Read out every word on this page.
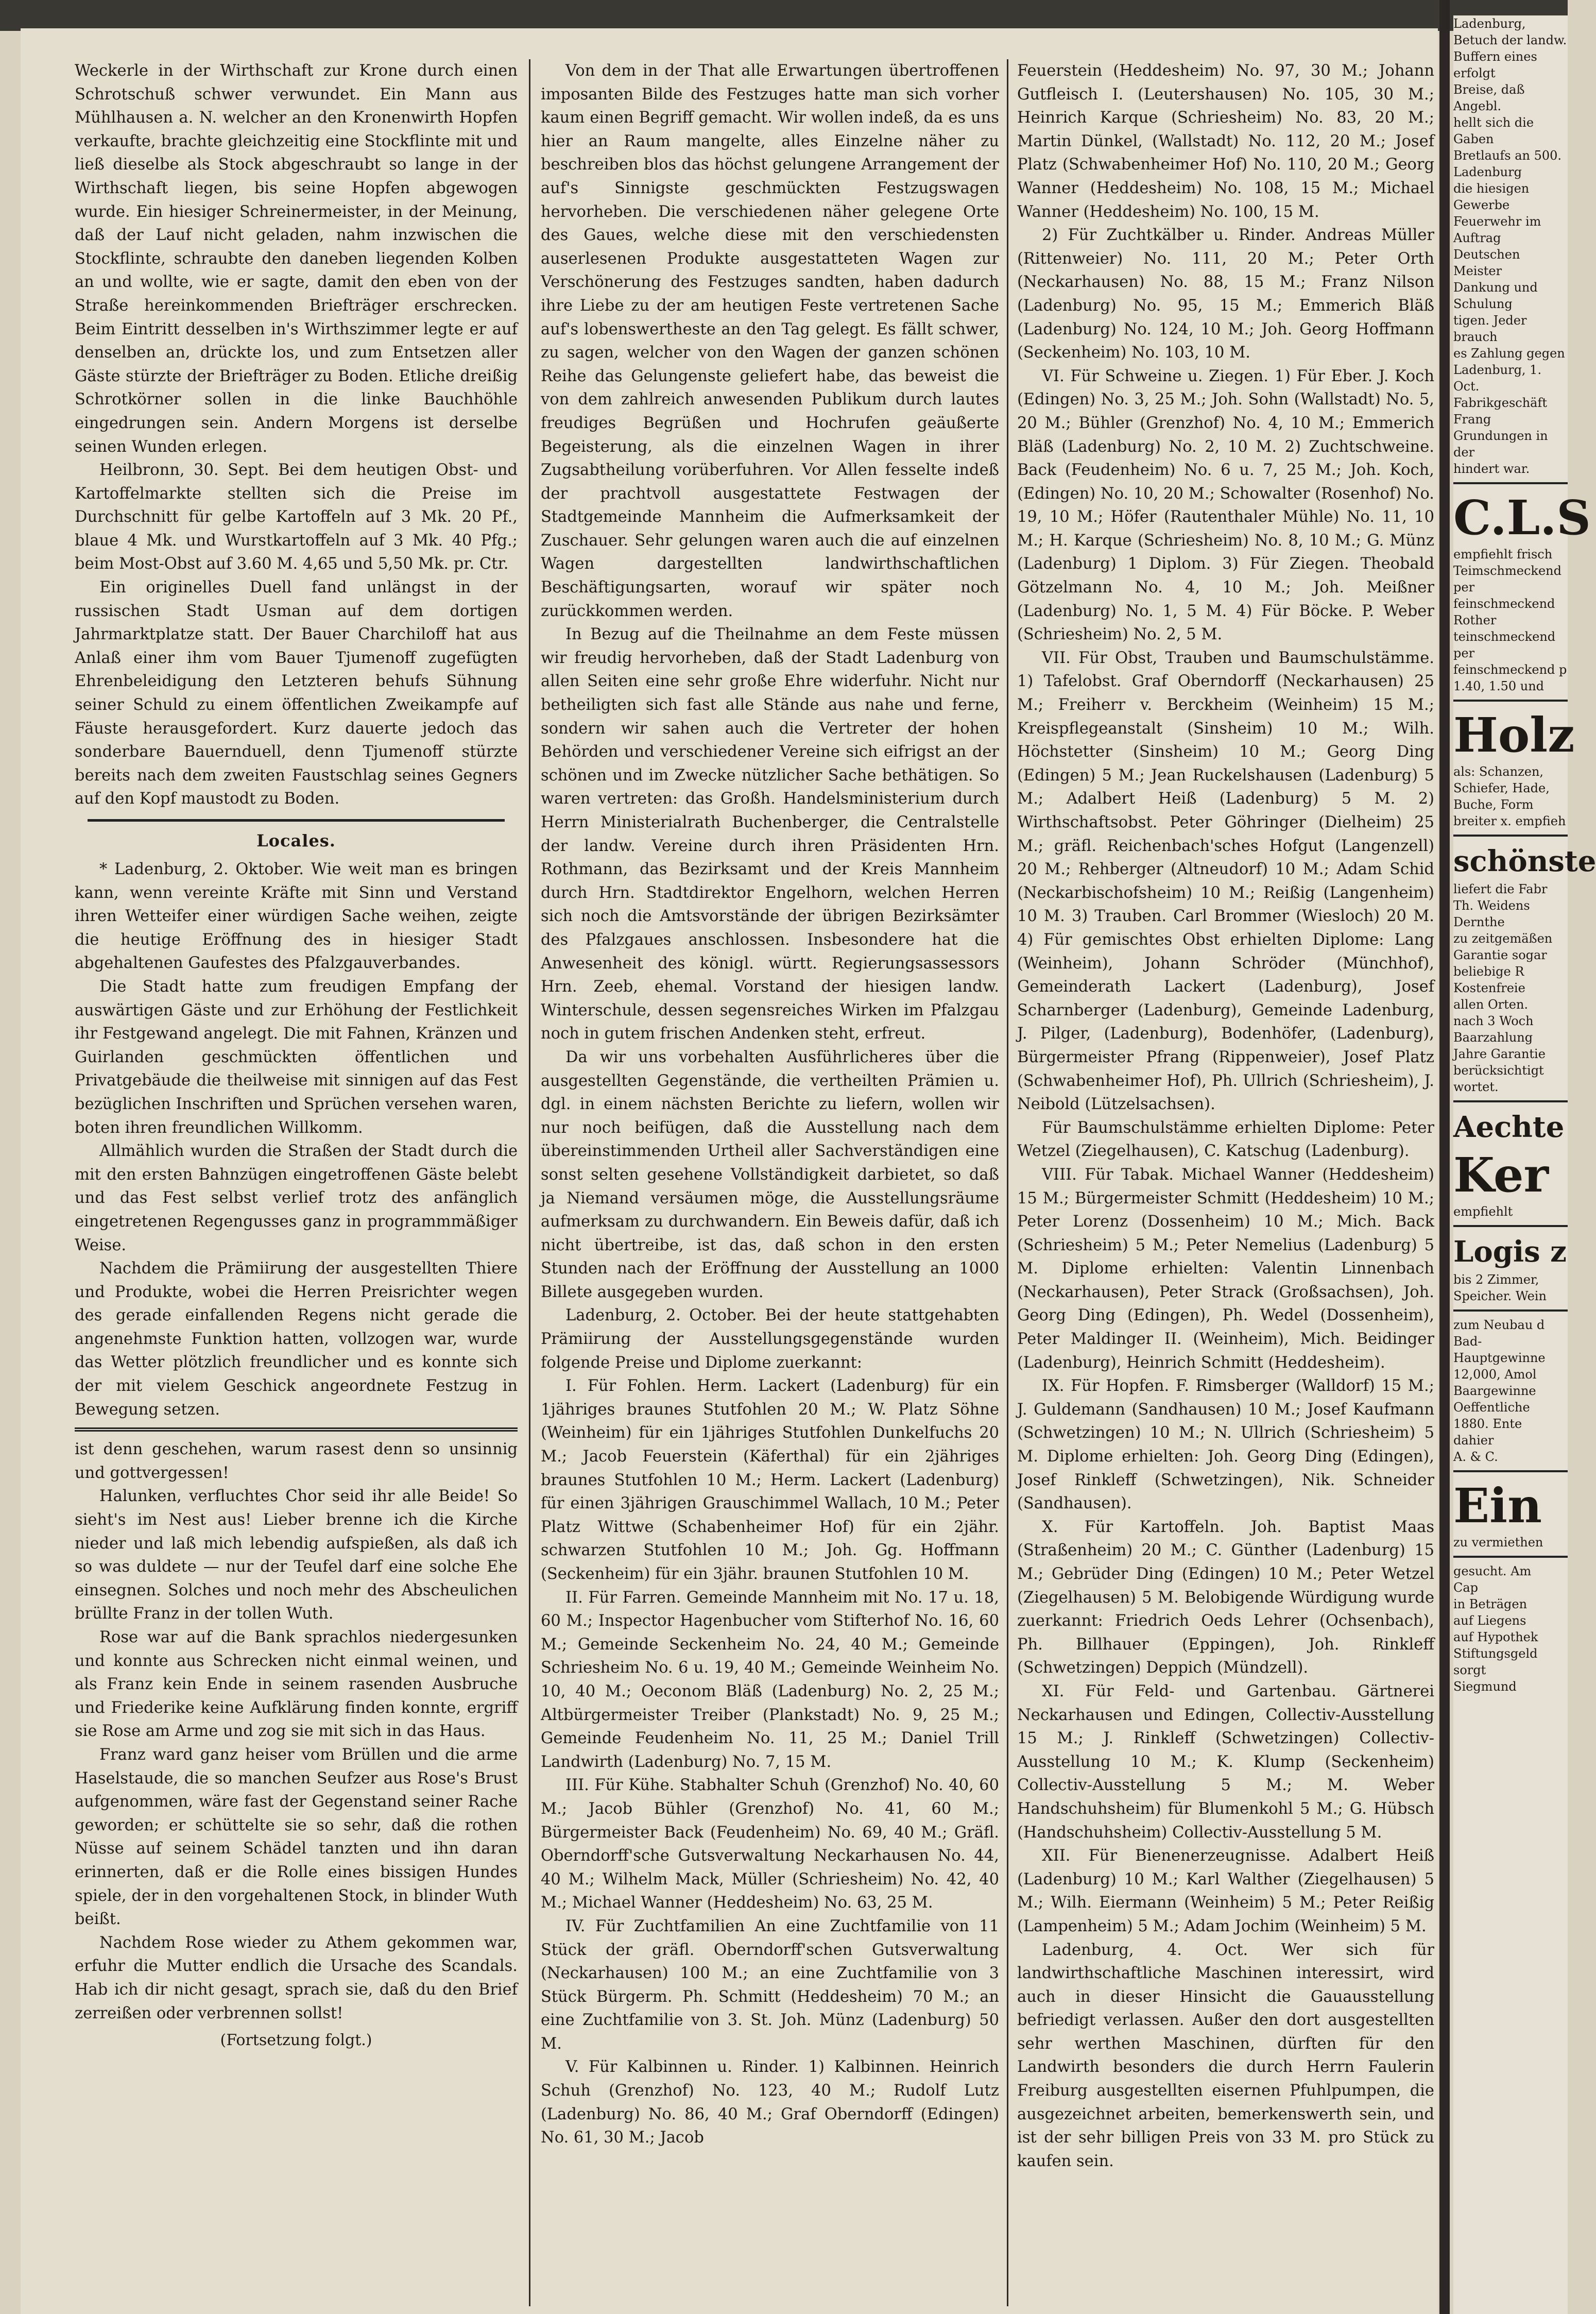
Weckerle in der Wirthschaft zur Krone durch einen Schrotschuß schwer verwundet. Ein Mann aus Mühlhausen a. N. welcher an den Kronenwirth Hopfen verkaufte, brachte gleichzeitig eine Stockflinte mit und ließ dieselbe als Stock abgeschraubt so lange in der Wirthschaft liegen, bis seine Hopfen abgewogen wurde. Ein hiesiger Schreinermeister, in der Meinung, daß der Lauf nicht geladen, nahm inzwischen die Stockflinte, schraubte den daneben liegenden Kolben an und wollte, wie er sagte, damit den eben von der Straße hereinkommenden Briefträger erschrecken. Beim Eintritt desselben in's Wirthszimmer legte er auf denselben an, drückte los, und zum Entsetzen aller Gäste stürzte der Briefträger zu Boden. Etliche dreißig Schrotkörner sollen in die linke Bauchhöhle eingedrungen sein. Andern Morgens ist derselbe seinen Wunden erlegen.

Heilbronn, 30. Sept. Bei dem heutigen Obst- und Kartoffelmarkte stellten sich die Preise im Durchschnitt für gelbe Kartoffeln auf 3 Mk. 20 Pf., blaue 4 Mk. und Wurstkartoffeln auf 3 Mk. 40 Pfg.; beim Most-Obst auf 3.60 M. 4,65 und 5,50 Mk. pr. Ctr.

Ein originelles Duell fand unlängst in der russischen Stadt Usman auf dem dortigen Jahrmarktplatze statt. Der Bauer Charchiloff hat aus Anlaß einer ihm vom Bauer Tjumenoff zugefügten Ehrenbeleidigung den Letzteren behufs Sühnung seiner Schuld zu einem öffentlichen Zweikampfe auf Fäuste herausgefordert. Kurz dauerte jedoch das sonderbare Bauernduell, denn Tjumenoff stürzte bereits nach dem zweiten Faustschlag seines Gegners auf den Kopf maustodt zu Boden.

Locales.

* Ladenburg, 2. Oktober. Wie weit man es bringen kann, wenn vereinte Kräfte mit Sinn und Verstand ihren Wetteifer einer würdigen Sache weihen, zeigte die heutige Eröffnung des in hiesiger Stadt abgehaltenen Gaufestes des Pfalzgauverbandes.

Die Stadt hatte zum freudigen Empfang der auswärtigen Gäste und zur Erhöhung der Festlichkeit ihr Festgewand angelegt. Die mit Fahnen, Kränzen und Guirlanden geschmückten öffentlichen und Privatgebäude die theilweise mit sinnigen auf das Fest bezüglichen Inschriften und Sprüchen versehen waren, boten ihren freundlichen Willkomm.

Allmählich wurden die Straßen der Stadt durch die mit den ersten Bahnzügen eingetroffenen Gäste belebt und das Fest selbst verlief trotz des anfänglich eingetretenen Regengusses ganz in programmmäßiger Weise.

Nachdem die Prämiirung der ausgestellten Thiere und Produkte, wobei die Herren Preisrichter wegen des gerade einfallenden Regens nicht gerade die angenehmste Funktion hatten, vollzogen war, wurde das Wetter plötzlich freundlicher und es konnte sich der mit vielem Geschick angeordnete Festzug in Bewegung setzen.

ist denn geschehen, warum rasest denn so unsinnig und gottvergessen!

Halunken, verfluchtes Chor seid ihr alle Beide! So sieht's im Nest aus! Lieber brenne ich die Kirche nieder und laß mich lebendig aufspießen, als daß ich so was duldete — nur der Teufel darf eine solche Ehe einsegnen. Solches und noch mehr des Abscheulichen brüllte Franz in der tollen Wuth.

Rose war auf die Bank sprachlos niedergesunken und konnte aus Schrecken nicht einmal weinen, und als Franz kein Ende in seinem rasenden Ausbruche und Friederike keine Aufklärung finden konnte, ergriff sie Rose am Arme und zog sie mit sich in das Haus.

Franz ward ganz heiser vom Brüllen und die arme Haselstaude, die so manchen Seufzer aus Rose's Brust aufgenommen, wäre fast der Gegenstand seiner Rache geworden; er schüttelte sie so sehr, daß die rothen Nüsse auf seinem Schädel tanzten und ihn daran erinnerten, daß er die Rolle eines bissigen Hundes spiele, der in den vorgehaltenen Stock, in blinder Wuth beißt.

Nachdem Rose wieder zu Athem gekommen war, erfuhr die Mutter endlich die Ursache des Scandals. Hab ich dir nicht gesagt, sprach sie, daß du den Brief zerreißen oder verbrennen sollst!

(Fortsetzung folgt.)

Von dem in der That alle Erwartungen übertroffenen imposanten Bilde des Festzuges hatte man sich vorher kaum einen Begriff gemacht. Wir wollen indeß, da es uns hier an Raum mangelte, alles Einzelne näher zu beschreiben blos das höchst gelungene Arrangement der auf's Sinnigste geschmückten Festzugswagen hervorheben. Die verschiedenen näher gelegene Orte des Gaues, welche diese mit den verschiedensten auserlesenen Produkte ausgestatteten Wagen zur Verschönerung des Festzuges sandten, haben dadurch ihre Liebe zu der am heutigen Feste vertretenen Sache auf's lobenswertheste an den Tag gelegt. Es fällt schwer, zu sagen, welcher von den Wagen der ganzen schönen Reihe das Gelungenste geliefert habe, das beweist die von dem zahlreich anwesenden Publikum durch lautes freudiges Begrüßen und Hochrufen geäußerte Begeisterung, als die einzelnen Wagen in ihrer Zugsabtheilung vorüberfuhren. Vor Allen fesselte indeß der prachtvoll ausgestattete Festwagen der Stadtgemeinde Mannheim die Aufmerksamkeit der Zuschauer. Sehr gelungen waren auch die auf einzelnen Wagen dargestellten landwirthschaftlichen Beschäftigungsarten, worauf wir später noch zurückkommen werden.

In Bezug auf die Theilnahme an dem Feste müssen wir freudig hervorheben, daß der Stadt Ladenburg von allen Seiten eine sehr große Ehre widerfuhr. Nicht nur betheiligten sich fast alle Stände aus nahe und ferne, sondern wir sahen auch die Vertreter der hohen Behörden und verschiedener Vereine sich eifrigst an der schönen und im Zwecke nützlicher Sache bethätigen. So waren vertreten: das Großh. Handelsministerium durch Herrn Ministerialrath Buchenberger, die Centralstelle der landw. Vereine durch ihren Präsidenten Hrn. Rothmann, das Bezirksamt und der Kreis Mannheim durch Hrn. Stadtdirektor Engelhorn, welchen Herren sich noch die Amtsvorstände der übrigen Bezirksämter des Pfalzgaues anschlossen. Insbesondere hat die Anwesenheit des königl. württ. Regierungsassessors Hrn. Zeeb, ehemal. Vorstand der hiesigen landw. Winterschule, dessen segensreiches Wirken im Pfalzgau noch in gutem frischen Andenken steht, erfreut.

Da wir uns vorbehalten Ausführlicheres über die ausgestellten Gegenstände, die vertheilten Prämien u. dgl. in einem nächsten Berichte zu liefern, wollen wir nur noch beifügen, daß die Ausstellung nach dem übereinstimmenden Urtheil aller Sachverständigen eine sonst selten gesehene Vollständigkeit darbietet, so daß ja Niemand versäumen möge, die Ausstellungsräume aufmerksam zu durchwandern. Ein Beweis dafür, daß ich nicht übertreibe, ist das, daß schon in den ersten Stunden nach der Eröffnung der Ausstellung an 1000 Billete ausgegeben wurden.

Ladenburg, 2. October. Bei der heute stattgehabten Prämiirung der Ausstellungsgegenstände wurden folgende Preise und Diplome zuerkannt:

I. Für Fohlen. Herm. Lackert (Ladenburg) für ein 1jähriges braunes Stutfohlen 20 M.; W. Platz Söhne (Weinheim) für ein 1jähriges Stutfohlen Dunkelfuchs 20 M.; Jacob Feuerstein (Käferthal) für ein 2jähriges braunes Stutfohlen 10 M.; Herm. Lackert (Ladenburg) für einen 3jährigen Grauschimmel Wallach, 10 M.; Peter Platz Wittwe (Schabenheimer Hof) für ein 2jähr. schwarzen Stutfohlen 10 M.; Joh. Gg. Hoffmann (Seckenheim) für ein 3jähr. braunen Stutfohlen 10 M.

II. Für Farren. Gemeinde Mannheim mit No. 17 u. 18, 60 M.; Inspector Hagenbucher vom Stifterhof No. 16, 60 M.; Gemeinde Seckenheim No. 24, 40 M.; Gemeinde Schriesheim No. 6 u. 19, 40 M.; Gemeinde Weinheim No. 10, 40 M.; Oeconom Bläß (Ladenburg) No. 2, 25 M.; Altbürgermeister Treiber (Plankstadt) No. 9, 25 M.; Gemeinde Feudenheim No. 11, 25 M.; Daniel Trill Landwirth (Ladenburg) No. 7, 15 M.

III. Für Kühe. Stabhalter Schuh (Grenzhof) No. 40, 60 M.; Jacob Bühler (Grenzhof) No. 41, 60 M.; Bürgermeister Back (Feudenheim) No. 69, 40 M.; Gräfl. Oberndorff'sche Gutsverwaltung Neckarhausen No. 44, 40 M.; Wilhelm Mack, Müller (Schriesheim) No. 42, 40 M.; Michael Wanner (Heddesheim) No. 63, 25 M.

IV. Für Zuchtfamilien An eine Zuchtfamilie von 11 Stück der gräfl. Oberndorff'schen Gutsverwaltung (Neckarhausen) 100 M.; an eine Zuchtfamilie von 3 Stück Bürgerm. Ph. Schmitt (Heddesheim) 70 M.; an eine Zuchtfamilie von 3. St. Joh. Münz (Ladenburg) 50 M.

V. Für Kalbinnen u. Rinder. 1) Kalbinnen. Heinrich Schuh (Grenzhof) No. 123, 40 M.; Rudolf Lutz (Ladenburg) No. 86, 40 M.; Graf Oberndorff (Edingen) No. 61, 30 M.; Jacob

Feuerstein (Heddesheim) No. 97, 30 M.; Johann Gutfleisch I. (Leutershausen) No. 105, 30 M.; Heinrich Karque (Schriesheim) No. 83, 20 M.; Martin Dünkel, (Wallstadt) No. 112, 20 M.; Josef Platz (Schwabenheimer Hof) No. 110, 20 M.; Georg Wanner (Heddesheim) No. 108, 15 M.; Michael Wanner (Heddesheim) No. 100, 15 M.

2) Für Zuchtkälber u. Rinder. Andreas Müller (Rittenweier) No. 111, 20 M.; Peter Orth (Neckarhausen) No. 88, 15 M.; Franz Nilson (Ladenburg) No. 95, 15 M.; Emmerich Bläß (Ladenburg) No. 124, 10 M.; Joh. Georg Hoffmann (Seckenheim) No. 103, 10 M.

VI. Für Schweine u. Ziegen. 1) Für Eber. J. Koch (Edingen) No. 3, 25 M.; Joh. Sohn (Wallstadt) No. 5, 20 M.; Bühler (Grenzhof) No. 4, 10 M.; Emmerich Bläß (Ladenburg) No. 2, 10 M. 2) Zuchtschweine. Back (Feudenheim) No. 6 u. 7, 25 M.; Joh. Koch, (Edingen) No. 10, 20 M.; Schowalter (Rosenhof) No. 19, 10 M.; Höfer (Rautenthaler Mühle) No. 11, 10 M.; H. Karque (Schriesheim) No. 8, 10 M.; G. Münz (Ladenburg) 1 Diplom. 3) Für Ziegen. Theobald Götzelmann No. 4, 10 M.; Joh. Meißner (Ladenburg) No. 1, 5 M. 4) Für Böcke. P. Weber (Schriesheim) No. 2, 5 M.

VII. Für Obst, Trauben und Baumschulstämme. 1) Tafelobst. Graf Oberndorff (Neckarhausen) 25 M.; Freiherr v. Berckheim (Weinheim) 15 M.; Kreispflegeanstalt (Sinsheim) 10 M.; Wilh. Höchstetter (Sinsheim) 10 M.; Georg Ding (Edingen) 5 M.; Jean Ruckelshausen (Ladenburg) 5 M.; Adalbert Heiß (Ladenburg) 5 M. 2) Wirthschaftsobst. Peter Göhringer (Dielheim) 25 M.; gräfl. Reichenbach'sches Hofgut (Langenzell) 20 M.; Rehberger (Altneudorf) 10 M.; Adam Schid (Neckarbischofsheim) 10 M.; Reißig (Langenheim) 10 M. 3) Trauben. Carl Brommer (Wiesloch) 20 M. 4) Für gemischtes Obst erhielten Diplome: Lang (Weinheim), Johann Schröder (Münchhof), Gemeinderath Lackert (Ladenburg), Josef Scharnberger (Ladenburg), Gemeinde Ladenburg, J. Pilger, (Ladenburg), Bodenhöfer, (Ladenburg), Bürgermeister Pfrang (Rippenweier), Josef Platz (Schwabenheimer Hof), Ph. Ullrich (Schriesheim), J. Neibold (Lützelsachsen).

Für Baumschulstämme erhielten Diplome: Peter Wetzel (Ziegelhausen), C. Katschug (Ladenburg).

VIII. Für Tabak. Michael Wanner (Heddesheim) 15 M.; Bürgermeister Schmitt (Heddesheim) 10 M.; Peter Lorenz (Dossenheim) 10 M.; Mich. Back (Schriesheim) 5 M.; Peter Nemelius (Ladenburg) 5 M. Diplome erhielten: Valentin Linnenbach (Neckarhausen), Peter Strack (Großsachsen), Joh. Georg Ding (Edingen), Ph. Wedel (Dossenheim), Peter Maldinger II. (Weinheim), Mich. Beidinger (Ladenburg), Heinrich Schmitt (Heddesheim).

IX. Für Hopfen. F. Rimsberger (Walldorf) 15 M.; J. Guldemann (Sandhausen) 10 M.; Josef Kaufmann (Schwetzingen) 10 M.; N. Ullrich (Schriesheim) 5 M. Diplome erhielten: Joh. Georg Ding (Edingen), Josef Rinkleff (Schwetzingen), Nik. Schneider (Sandhausen).

X. Für Kartoffeln. Joh. Baptist Maas (Straßenheim) 20 M.; C. Günther (Ladenburg) 15 M.; Gebrüder Ding (Edingen) 10 M.; Peter Wetzel (Ziegelhausen) 5 M. Belobigende Würdigung wurde zuerkannt: Friedrich Oeds Lehrer (Ochsenbach), Ph. Billhauer (Eppingen), Joh. Rinkleff (Schwetzingen) Deppich (Mündzell).

XI. Für Feld- und Gartenbau. Gärtnerei Neckarhausen und Edingen, Collectiv-Ausstellung 15 M.; J. Rinkleff (Schwetzingen) Collectiv-Ausstellung 10 M.; K. Klump (Seckenheim) Collectiv-Ausstellung 5 M.; M. Weber Handschuhsheim) für Blumenkohl 5 M.; G. Hübsch (Handschuhsheim) Collectiv-Ausstellung 5 M.

XII. Für Bienenerzeugnisse. Adalbert Heiß (Ladenburg) 10 M.; Karl Walther (Ziegelhausen) 5 M.; Wilh. Eiermann (Weinheim) 5 M.; Peter Reißig (Lampenheim) 5 M.; Adam Jochim (Weinheim) 5 M.

Ladenburg, 4. Oct. Wer sich für landwirthschaftliche Maschinen interessirt, wird auch in dieser Hinsicht die Gauausstellung befriedigt verlassen. Außer den dort ausgestellten sehr werthen Maschinen, dürften für den Landwirth besonders die durch Herrn Faulerin Freiburg ausgestellten eisernen Pfuhlpumpen, die ausgezeichnet arbeiten, bemerkenswerth sein, und ist der sehr billigen Preis von 33 M. pro Stück zu kaufen sein.

Ladenburg,

Betuch der landw.

Buffern eines erfolgt

Breise, daß Angebl.

hellt sich die Gaben

Bretlaufs an 500.

Ladenburg

die hiesigen Gewerbe

Feuerwehr im Auftrag

Deutschen Meister

Dankung und Schulung

tigen. Jeder brauch

es Zahlung gegen

Ladenburg, 1. Oct.

Fabrikgeschäft Frang

Grundungen in der

hindert war.

C.L.S

empfiehlt frisch

Teimschmeckend per

feinschmeckend

Rother

teinschmeckend per

feinschmeckend p

1.40, 1.50 und

Holz

als: Schanzen,

Schiefer, Hade,

Buche, Form

breiter x. empfieh

schönste

liefert die Fabr

Th. Weidens

Dernthe

zu zeitgemäßen

Garantie sogar

beliebige R

Kostenfreie

allen Orten.

nach 3 Woch

Baarzahlung

Jahre Garantie

berücksichtigt

wortet.

Aechte

Ker

empfiehlt

Logis z

bis 2 Zimmer,

Speicher. Wein

zum Neubau d

Bad-

Hauptgewinne

12,000, Amol

Baargewinne

Oeffentliche

1880. Ente

dahier

A. & C.

Ein

zu vermiethen

gesucht. Am

Cap

in Beträgen

auf Liegens

auf Hypothek

Stiftungsgeld

sorgt

Siegmund
